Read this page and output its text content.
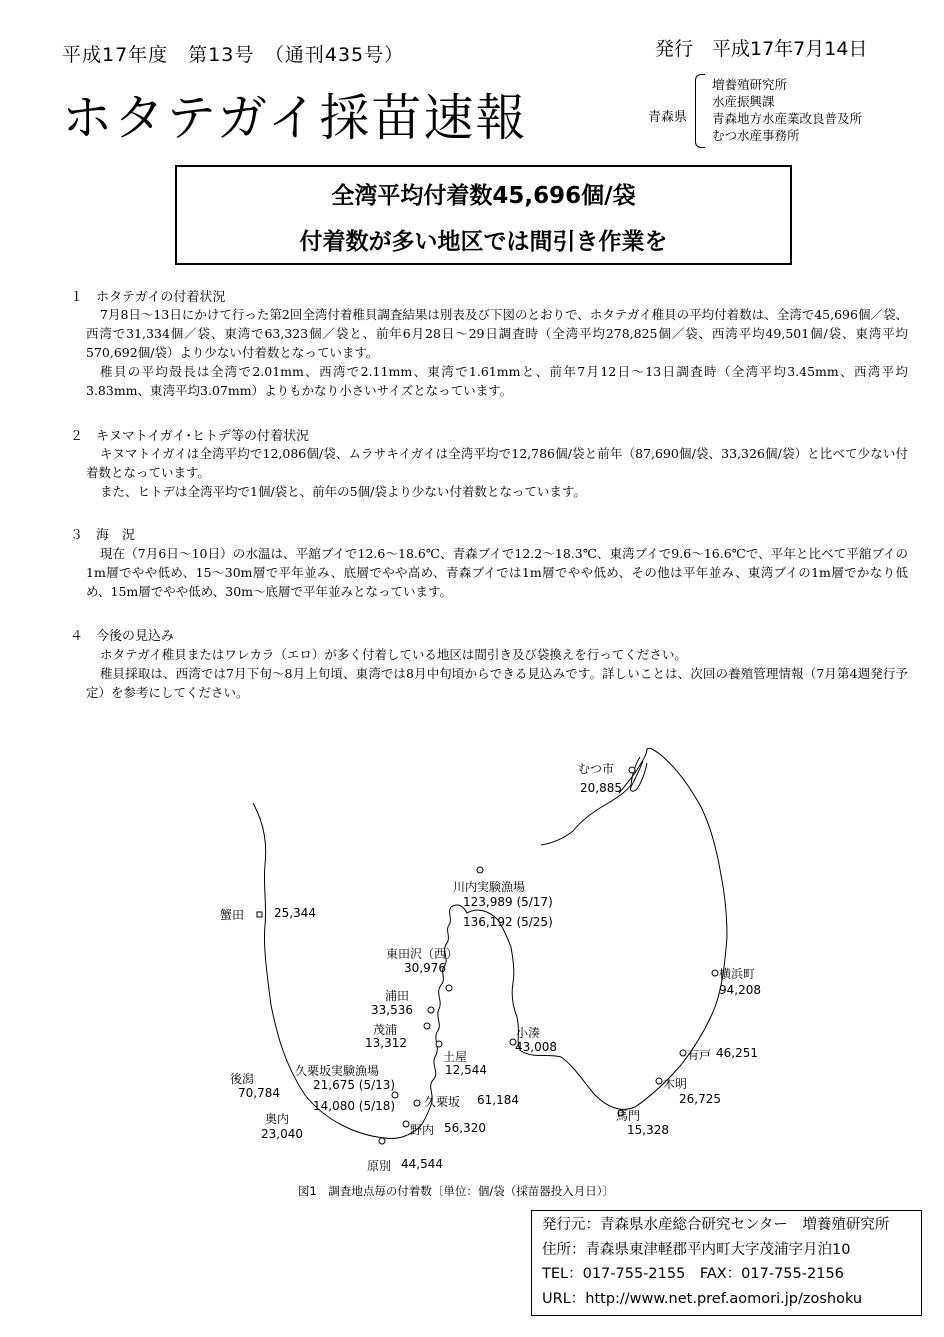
平成17年度　第13号　（通刊435号）	発行　平成17年7月14日
ホタテガイ採苗速報	青森県
増養殖研究所
水産振興課
青森地方水産業改良普及所
むつ水産事務所
全湾平均付着数45,696個/袋
付着数が多い地区では間引き作業を
１　ホタテガイの付着状況

7月8日～13日にかけて行った第2回全湾付着稚貝調査結果は別表及び下図のとおりで、ホタテガイ稚貝の平均付着数は、全湾で45,696個／袋、西湾で31,334個／袋、東湾で63,323個／袋と、前年6月28日～29日調査時（全湾平均278,825個／袋、西湾平均49,501個/袋、東湾平均570,692個/袋）より少ない付着数となっています。

稚貝の平均殻長は全湾で2.01mm、西湾で2.11mm、東湾で1.61mmと、前年7月12日～13日調査時（全湾平均3.45mm、西湾平均3.83mm、東湾平均3.07mm）よりもかなり小さいサイズとなっています。

２　キヌマトイガイ･ヒトデ等の付着状況

キヌマトイガイは全湾平均で12,086個/袋、ムラサキイガイは全湾平均で12,786個/袋と前年（87,690個/袋、33,326個/袋）と比べて少ない付着数となっています。

また、ヒトデは全湾平均で1個/袋と、前年の5個/袋より少ない付着数となっています。

３　海　況

現在（7月6日～10日）の水温は、平舘ブイで12.6～18.6℃、青森ブイで12.2～18.3℃、東湾ブイで9.6～16.6℃で、平年と比べて平舘ブイの1m層でやや低め、15～30m層で平年並み、底層でやや高め、青森ブイでは1m層でやや低め、その他は平年並み、東湾ブイの1m層でかなり低め、15m層でやや低め、30m～底層で平年並みとなっています。

４　今後の見込み

ホタテガイ稚貝またはワレカラ（エロ）が多く付着している地区は間引き及び袋換えを行ってください。

稚貝採取は、西湾では7月下旬～8月上旬頃、東湾では8月中旬頃からできる見込みです。詳しいことは、次回の養殖管理情報（7月第4週発行予定）を参考にしてください。

むつ市
20,885
川内実験漁場
123,989 (5/17)
136,192 (5/25)
蟹田 25,344
東田沢（西）
30,976
浦田
33,536
茂浦
13,312
小湊
43,008
土屋
12,544
横浜町
94,208
有戸 46,251
木明
26,725
馬門
15,328
後潟
70,784
久栗坂実験漁場
21,675 (5/13)
14,080 (5/18)
奥内
23,040
久栗坂 61,184
野内 56,320
原別 44,544
図1　調査地点毎の付着数〔単位：個/袋（採苗器投入月日）〕
発行元：青森県水産総合研究センター　増養殖研究所
住所：青森県東津軽郡平内町大字茂浦字月泊10
TEL：017-755-2155　FAX：017-755-2156
URL：http://www.net.pref.aomori.jp/zoshoku
